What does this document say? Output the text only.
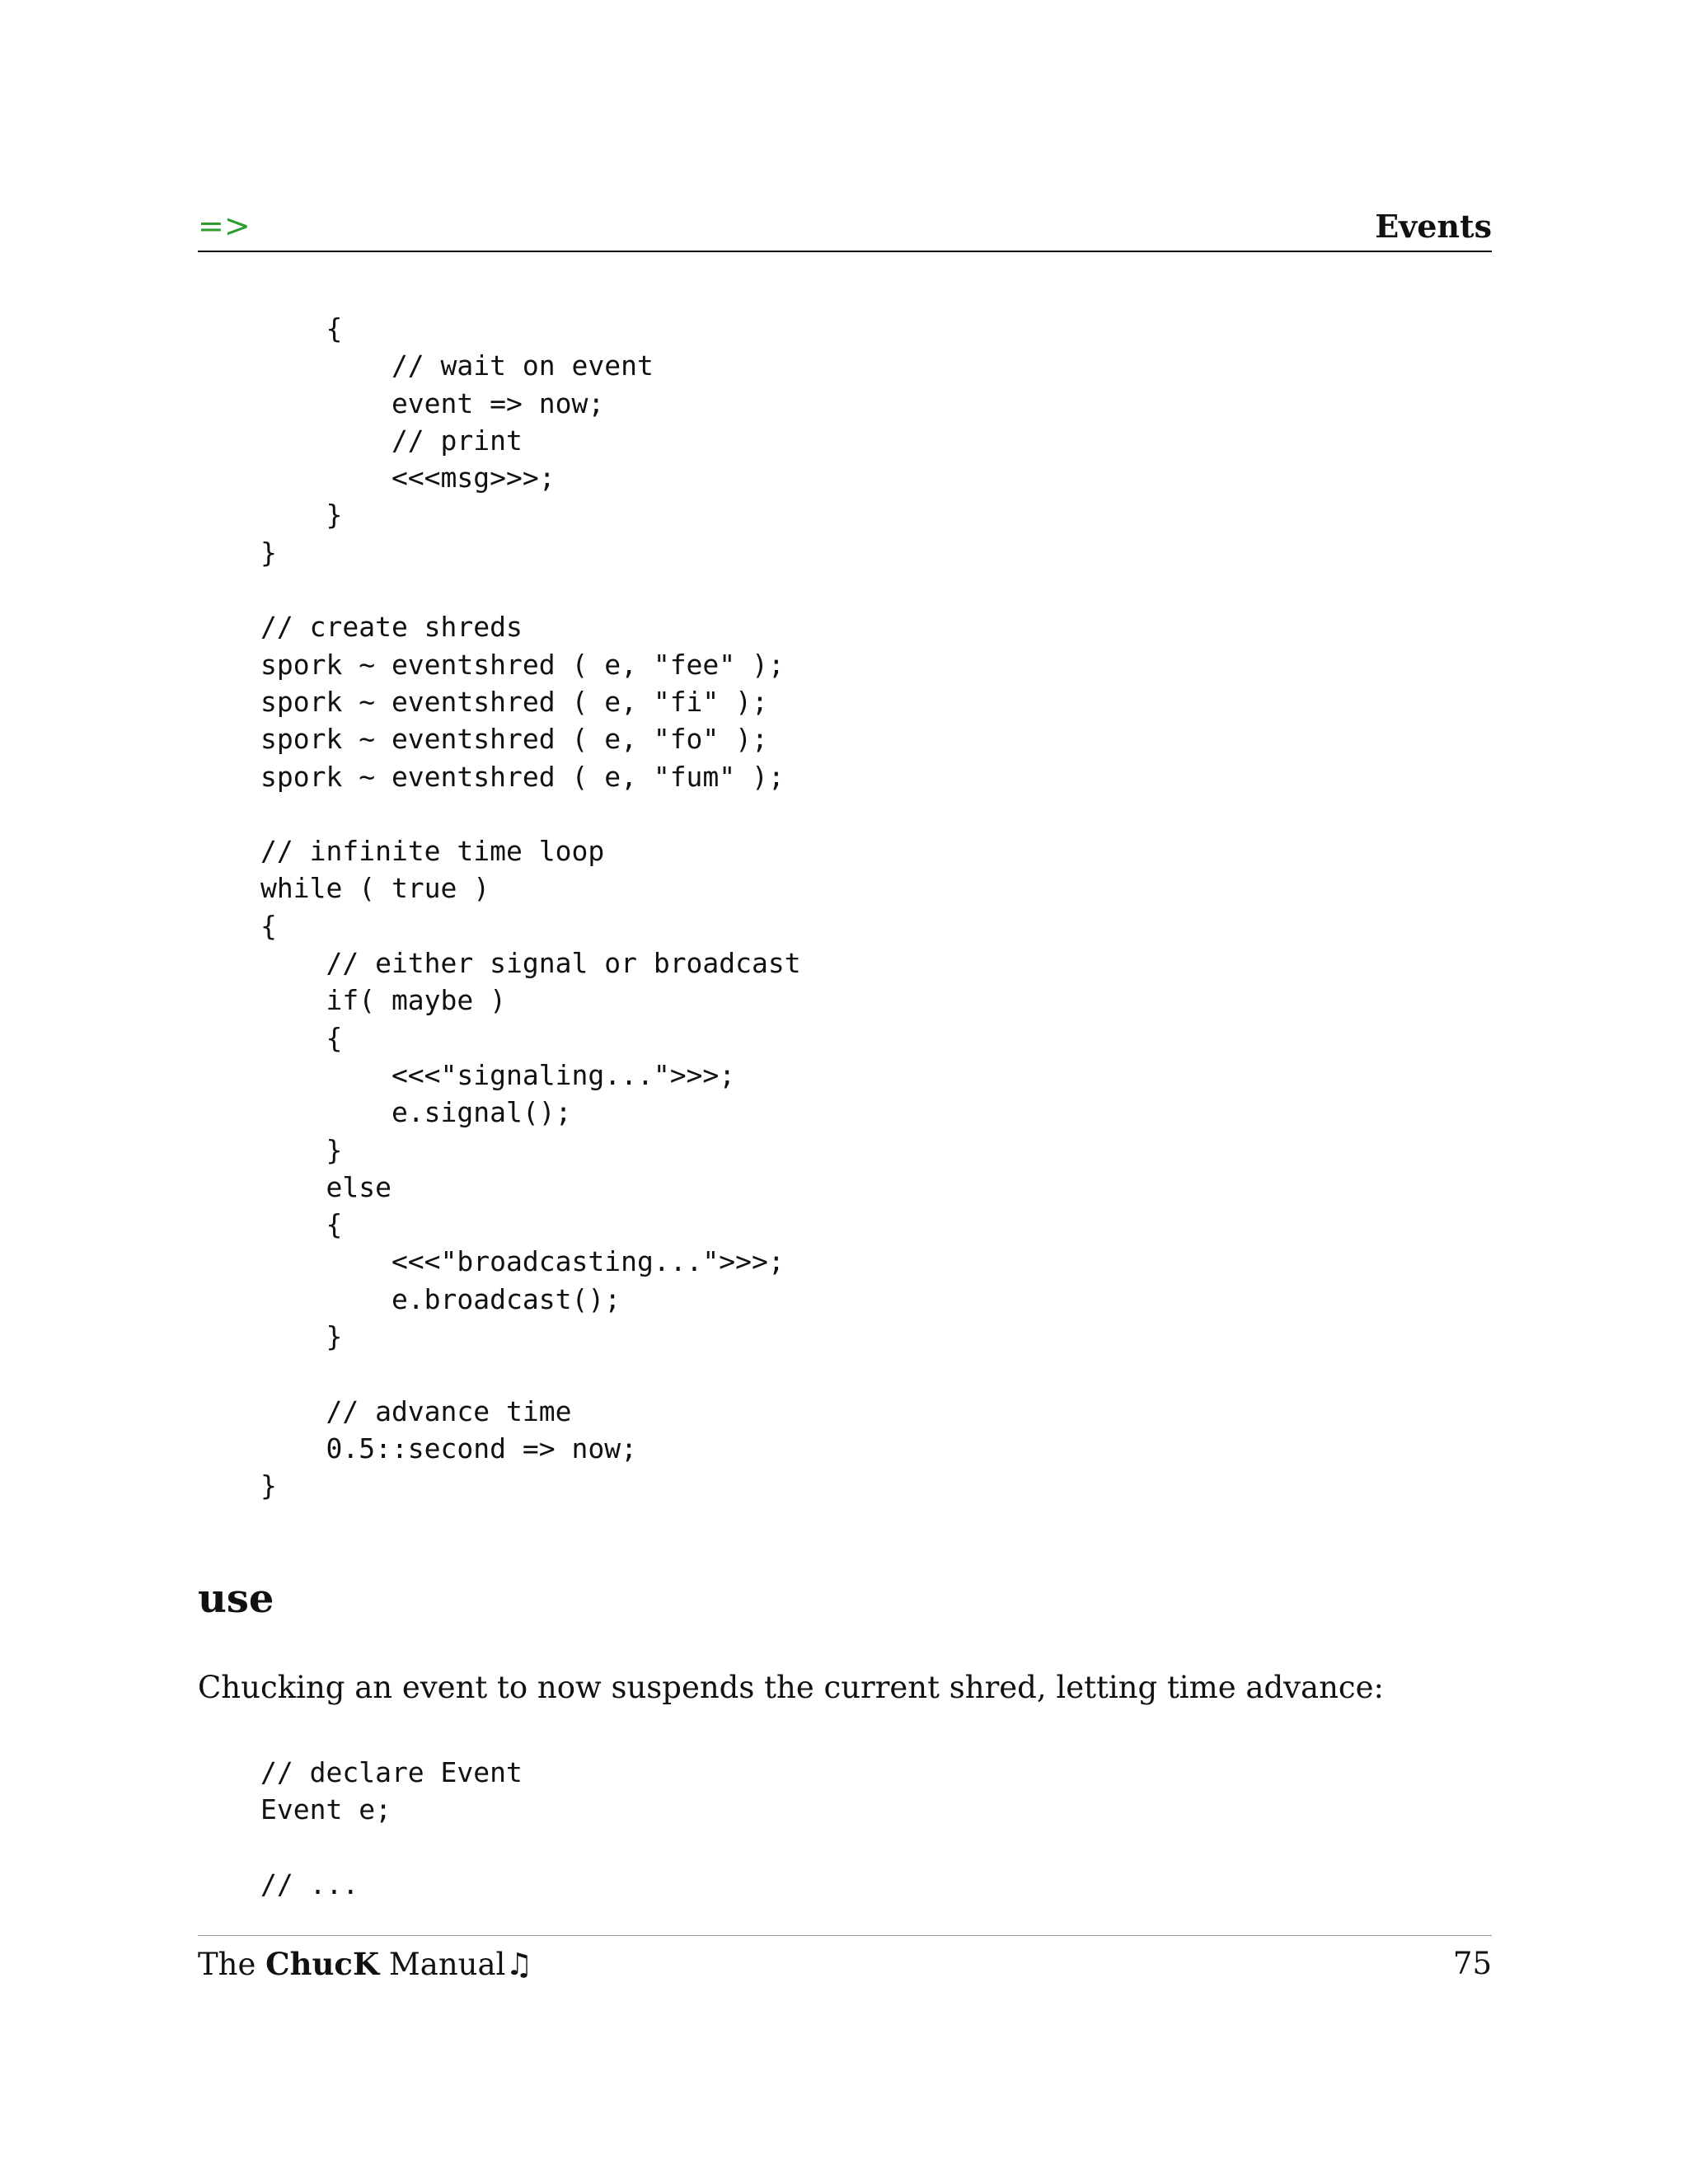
=>	Events
{
// wait on event
event => now;
// print
<<<msg>>>;
}
}
// create shreds
spork ~ eventshred ( e, "fee" );
spork ~ eventshred ( e, "fi" );
spork ~ eventshred ( e, "fo" );
spork ~ eventshred ( e, "fum" );
// infinite time loop
while ( true )
{
// either signal or broadcast
if( maybe )
{
<<<"signaling...">>>;
e.signal();
}
else
{
<<<"broadcasting...">>>;
e.broadcast();
}
// advance time
0.5::second => now;
}
use

Chucking an event to now suspends the current shred, letting time advance:

// declare Event
Event e;
// ...
The ChucK Manual♫	75
